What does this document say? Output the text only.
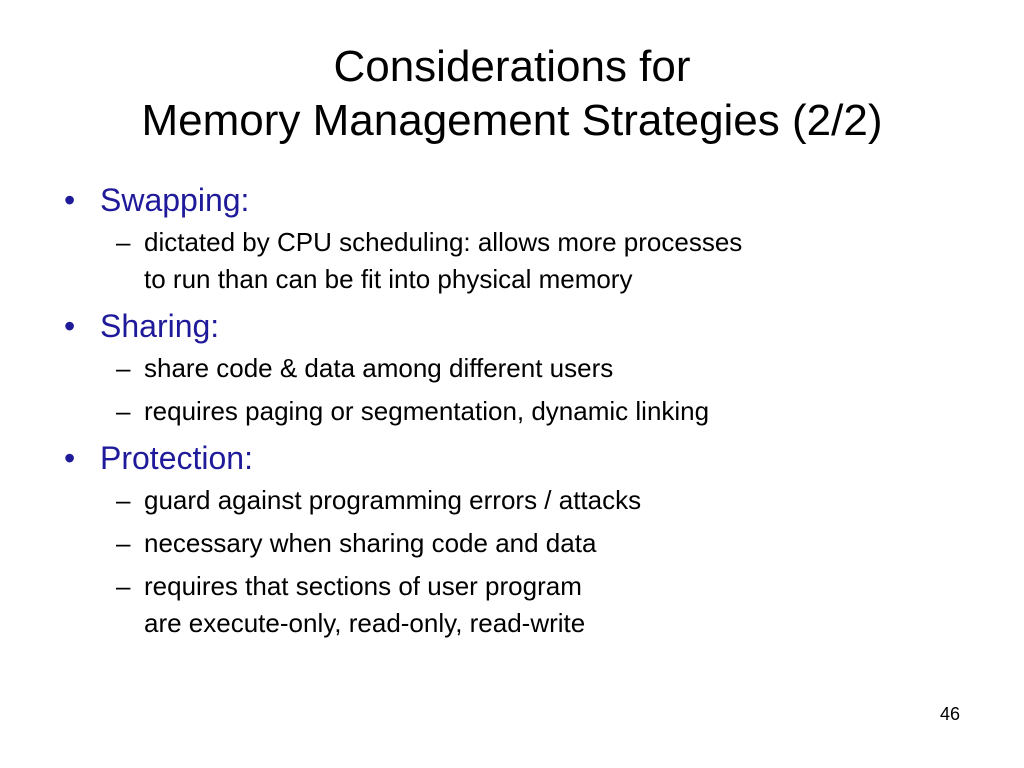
Considerations for
Memory Management Strategies (2/2)
• Swapping:
– dictated by CPU scheduling: allows more processes
to run than can be fit into physical memory
• Sharing:
– share code & data among different users
– requires paging or segmentation, dynamic linking
• Protection:
– guard against programming errors / attacks
– necessary when sharing code and data
– requires that sections of user program
are execute-only, read-only, read-write
46
